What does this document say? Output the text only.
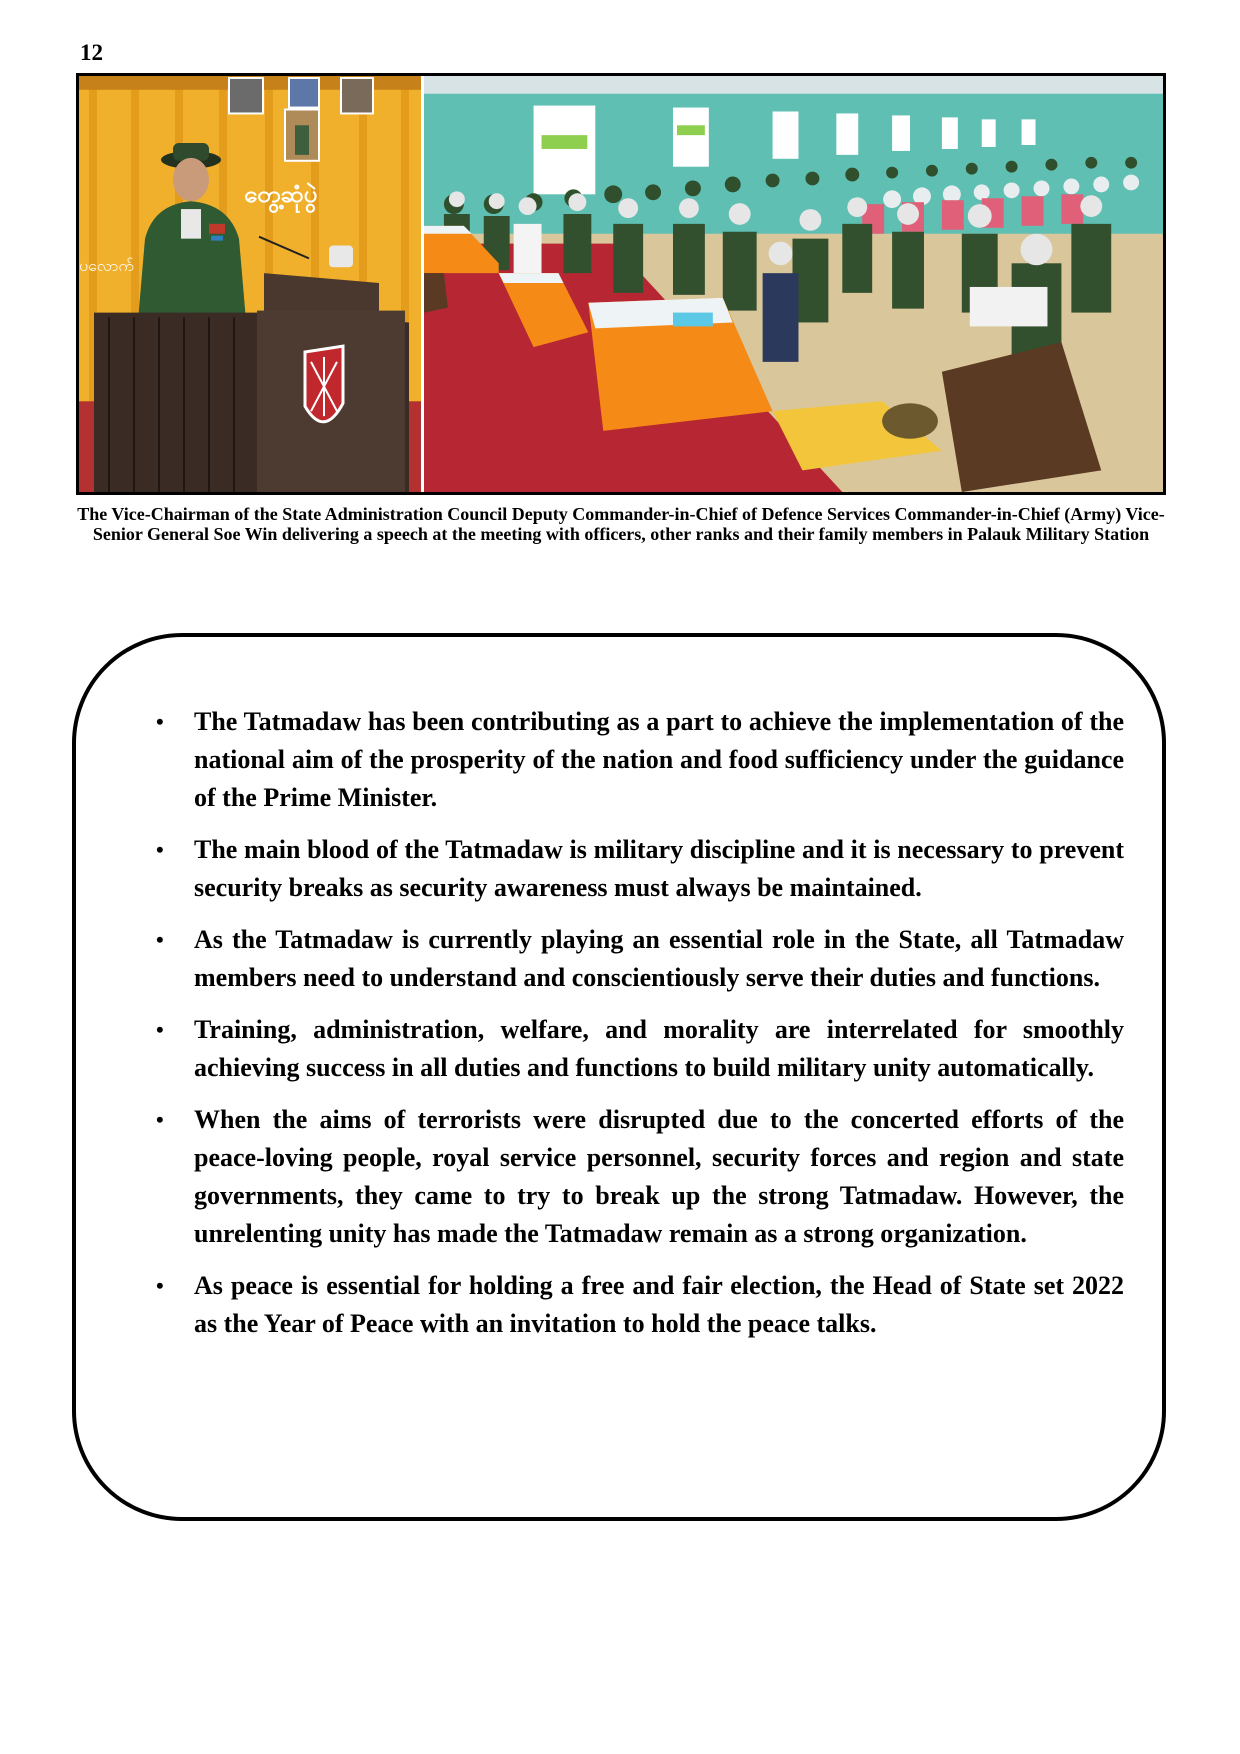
12
တွေ့ဆုံပွဲ
ပလောက်
The Vice-Chairman of the State Administration Council Deputy Commander-in-Chief of Defence Services Commander-in-Chief (Army) Vice-Senior General Soe Win delivering a speech at the meeting with officers, other ranks and their family members in Palauk Military Station
• The Tatmadaw has been contributing as a part to achieve the implementation of the national aim of the prosperity of the nation and food sufficiency under the guidance of the Prime Minister.
• The main blood of the Tatmadaw is military discipline and it is necessary to prevent security breaks as security awareness must always be maintained.
• As the Tatmadaw is currently playing an essential role in the State, all Tatmadaw members need to understand and conscientiously serve their duties and functions.
• Training, administration, welfare, and morality are interrelated for smoothly achieving success in all duties and functions to build military unity automatically.
• When the aims of terrorists were disrupted due to the concerted efforts of the peace-loving people, royal service personnel, security forces and region and state governments, they came to try to break up the strong Tatmadaw. However, the unrelenting unity has made the Tatmadaw remain as a strong organization.
• As peace is essential for holding a free and fair election, the Head of State set 2022 as the Year of Peace with an invitation to hold the peace talks.
